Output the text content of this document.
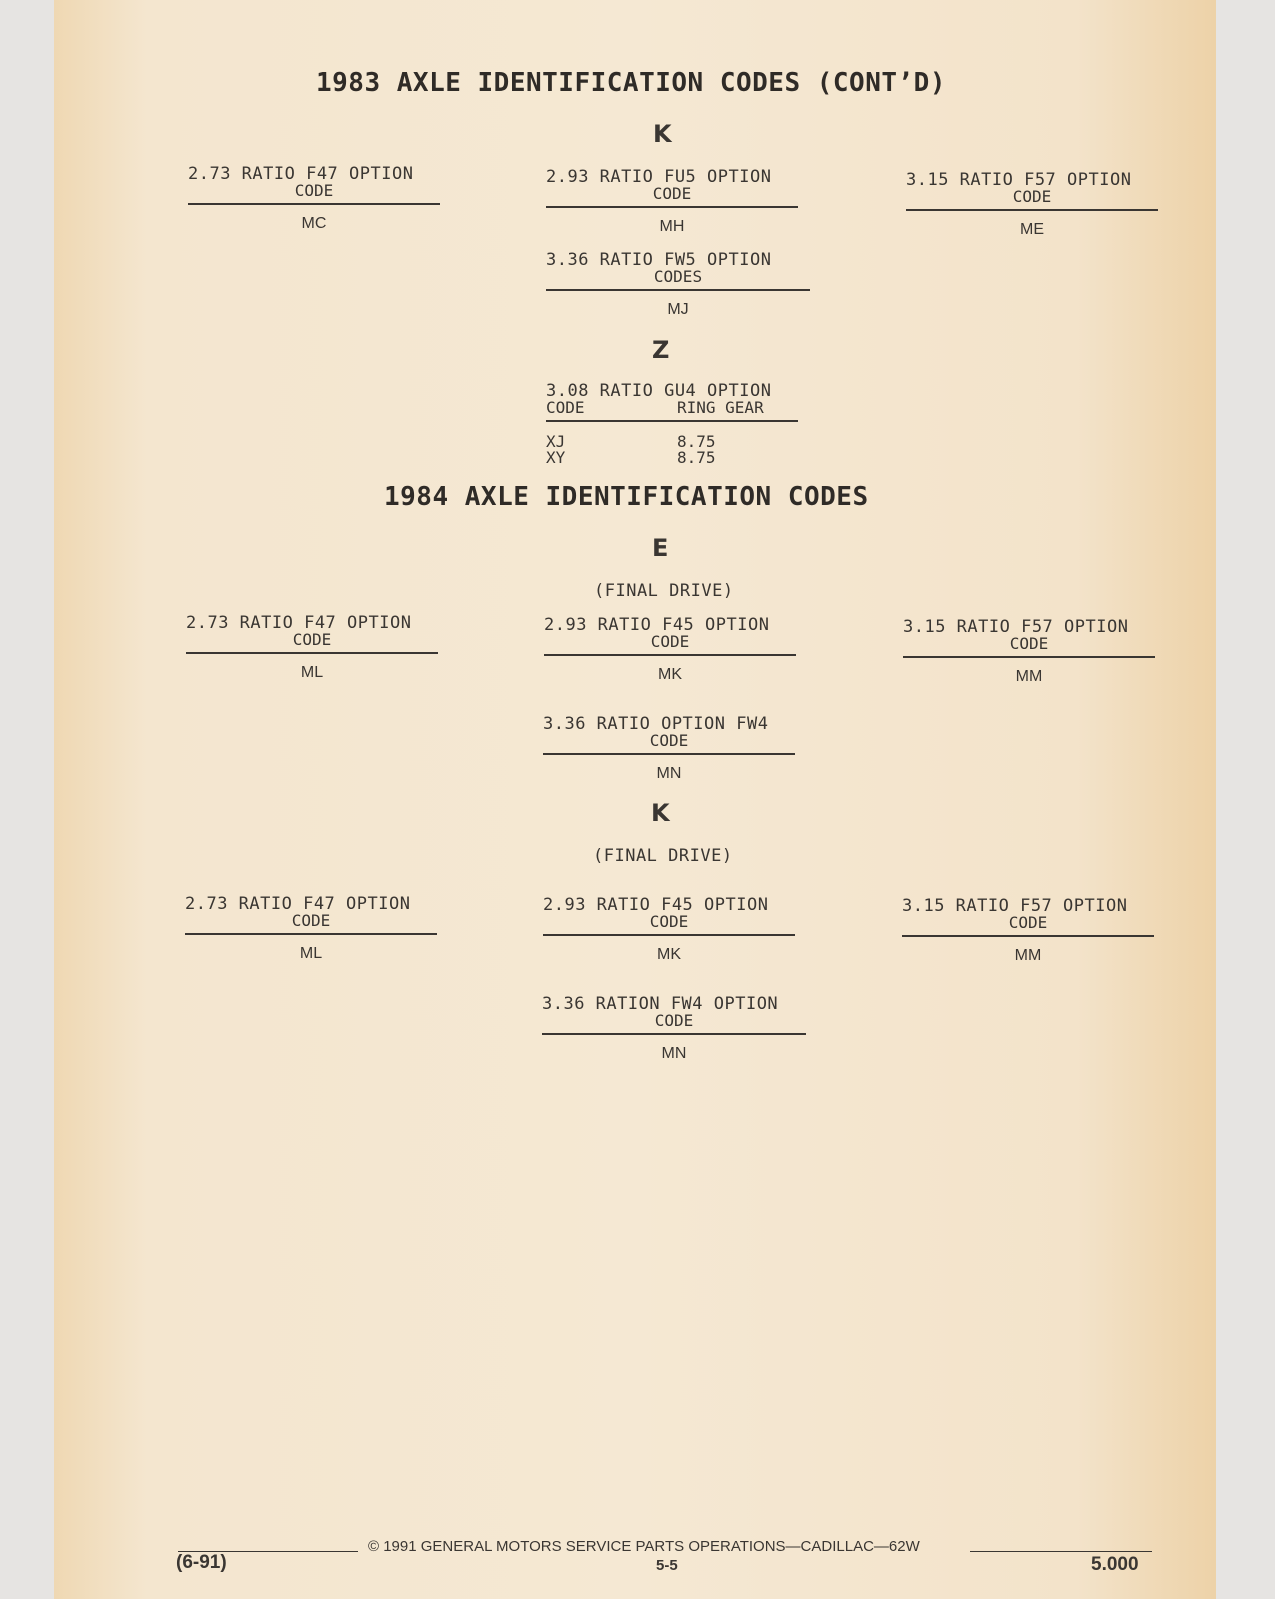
1983 AXLE IDENTIFICATION CODES (CONT’D)
K
2.73 RATIO F47 OPTION
CODE
MC
2.93 RATIO FU5 OPTION
CODE
MH
3.15 RATIO F57 OPTION
CODE
ME
3.36 RATIO FW5 OPTION
CODES
MJ
Z
3.08 RATIO GU4 OPTION
CODE	RING GEAR
XJ	8.75
XY	8.75
1984 AXLE IDENTIFICATION CODES
E
(FINAL DRIVE)
2.73 RATIO F47 OPTION
CODE
ML
2.93 RATIO F45 OPTION
CODE
MK
3.15 RATIO F57 OPTION
CODE
MM
3.36 RATIO OPTION FW4
CODE
MN
K
(FINAL DRIVE)
2.73 RATIO F47 OPTION
CODE
ML
2.93 RATIO F45 OPTION
CODE
MK
3.15 RATIO F57 OPTION
CODE
MM
3.36 RATION FW4 OPTION
CODE
MN
© 1991 GENERAL MOTORS SERVICE PARTS OPERATIONS—CADILLAC—62W
(6-91)	5-5	5.000
